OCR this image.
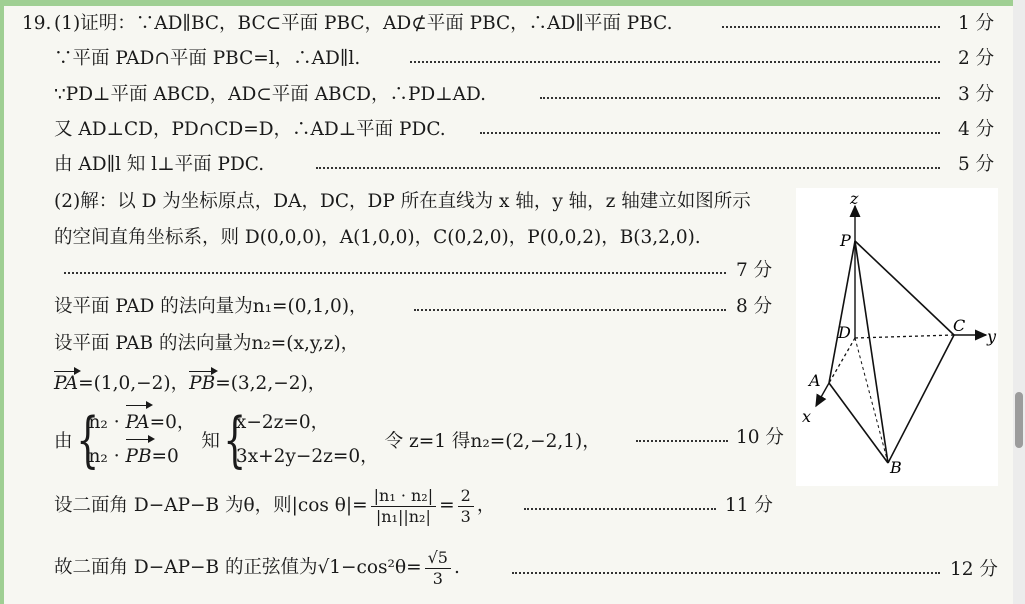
19. (1)证明：∵AD∥BC，BC⊂平面 PBC，AD⊄平面 PBC，∴AD∥平面 PBC.	1 分
∵平面 PAD∩平面 PBC=l，∴AD∥l.	2 分
∵PD⊥平面 ABCD，AD⊂平面 ABCD，∴PD⊥AD.	3 分
又 AD⊥CD，PD∩CD=D，∴AD⊥平面 PDC.	4 分
由 AD∥l 知 l⊥平面 PDC.	5 分
(2)解：以 D 为坐标原点，DA，DC，DP 所在直线为 x 轴，y 轴，z 轴建立如图所示
的空间直角坐标系，则 D(0,0,0)，A(1,0,0)，C(0,2,0)，P(0,0,2)，B(3,2,0).
7 分
设平面 PAD 的法向量为n₁=(0,1,0)，	8 分
设平面 PAB 的法向量为n₂=(x,y,z)，
PA=(1,0,−2)，PB=(3,2,−2)，
由 {
n₂ · PA=0，
n₂ · PB=0
知 {
x−2z=0，
3x+2y−2z=0，
令 z=1 得n₂=(2,−2,1)，	10 分
设二面角 D−AP−B 为θ，则|cos $\theta|= \frac{\text{|n₁ · n₂|}}{\text{|n₁||n₂|}} = \frac{2}{3}$ ，	11 分
故二面角 D−AP−B 的正弦值为 $√1-\cos^2\theta= \frac{√5}{3}$ .	12 分
z
y
x
P
D	C
A
B
